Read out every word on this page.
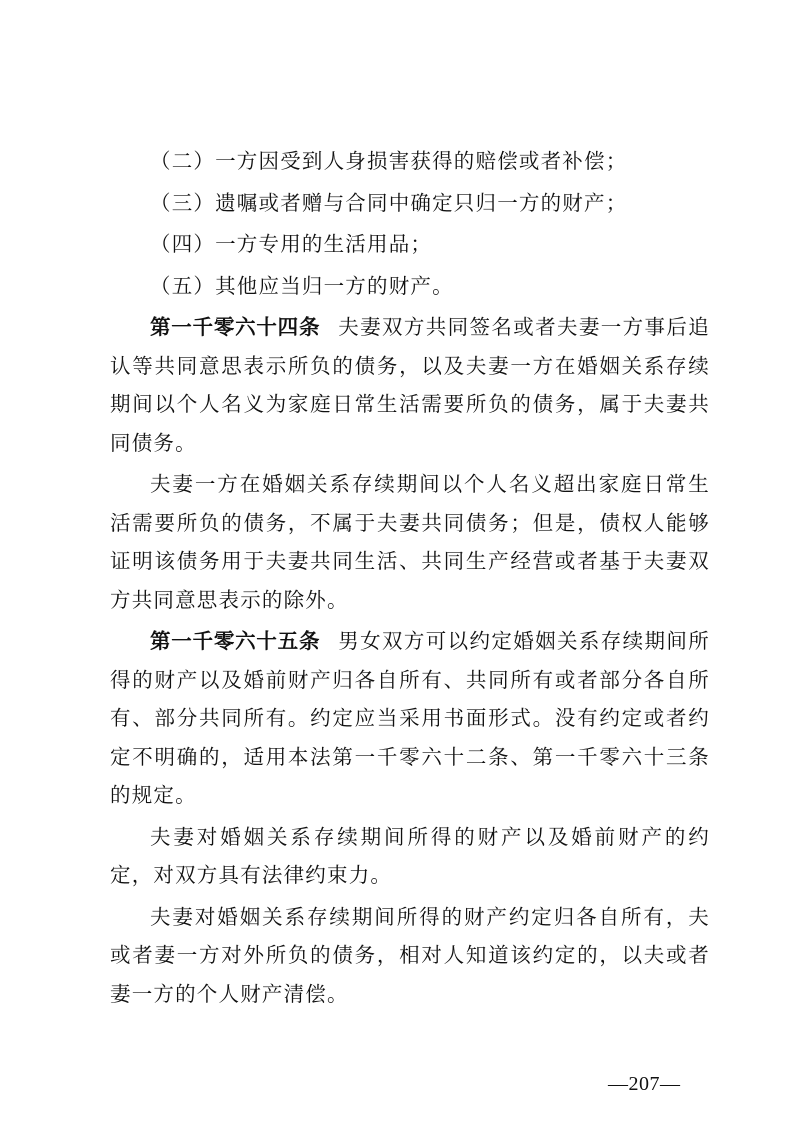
（二）一方因受到人身损害获得的赔偿或者补偿；

（三）遗嘱或者赠与合同中确定只归一方的财产；

（四）一方专用的生活用品；

（五）其他应当归一方的财产。

第一千零六十四条 夫妻双方共同签名或者夫妻一方事后追认等共同意思表示所负的债务，以及夫妻一方在婚姻关系存续期间以个人名义为家庭日常生活需要所负的债务，属于夫妻共同债务。

夫妻一方在婚姻关系存续期间以个人名义超出家庭日常生活需要所负的债务，不属于夫妻共同债务；但是，债权人能够证明该债务用于夫妻共同生活、共同生产经营或者基于夫妻双方共同意思表示的除外。

第一千零六十五条 男女双方可以约定婚姻关系存续期间所得的财产以及婚前财产归各自所有、共同所有或者部分各自所有、部分共同所有。约定应当采用书面形式。没有约定或者约定不明确的，适用本法第一千零六十二条、第一千零六十三条的规定。

夫妻对婚姻关系存续期间所得的财产以及婚前财产的约定，对双方具有法律约束力。

夫妻对婚姻关系存续期间所得的财产约定归各自所有，夫或者妻一方对外所负的债务，相对人知道该约定的，以夫或者妻一方的个人财产清偿。

—207—
